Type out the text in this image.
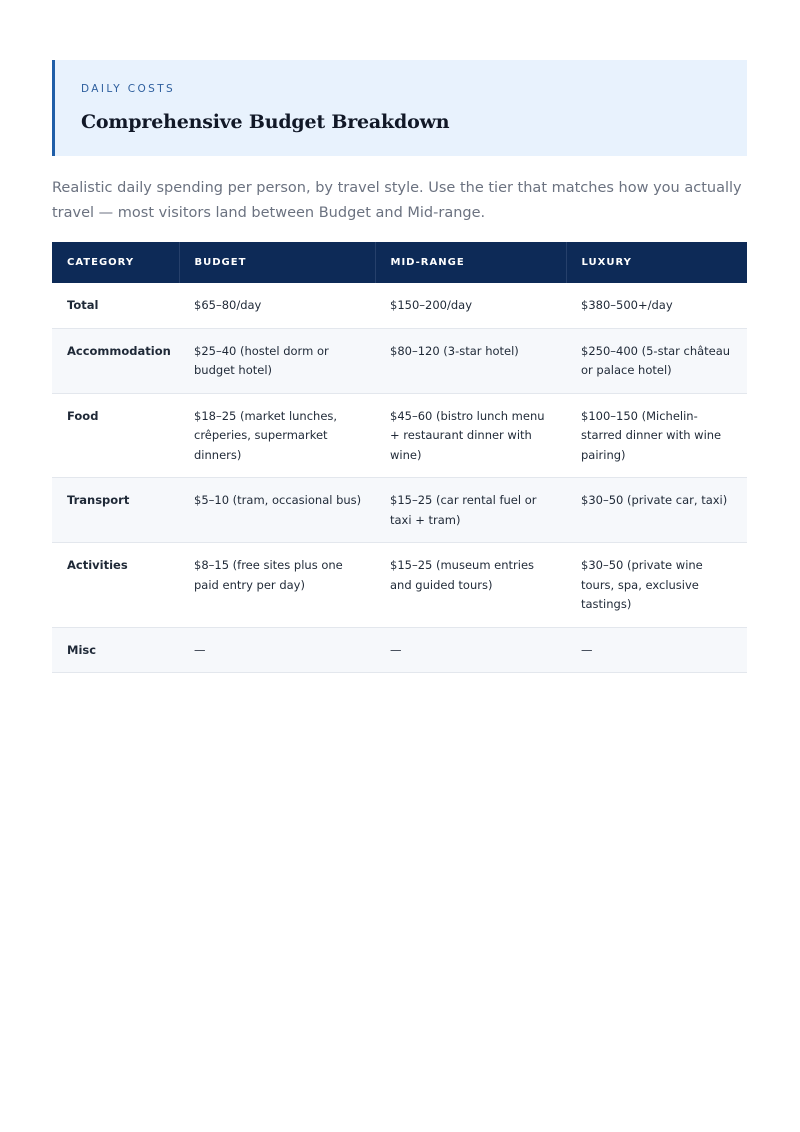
DAILY COSTS
Comprehensive Budget Breakdown

Realistic daily spending per person, by travel style. Use the tier that matches how you actually travel — most visitors land between Budget and Mid-range.

CATEGORY	BUDGET	MID-RANGE	LUXURY
Total	$65–80/day	$150–200/day	$380–500+/day
Accommodation	$25–40 (hostel dorm or budget hotel)	$80–120 (3-star hotel)	$250–400 (5-star château or palace hotel)
Food	$18–25 (market lunches, crêperies, supermarket dinners)	$45–60 (bistro lunch menu + restaurant dinner with wine)	$100–150 (Michelin-starred dinner with wine pairing)
Transport	$5–10 (tram, occasional bus)	$15–25 (car rental fuel or taxi + tram)	$30–50 (private car, taxi)
Activities	$8–15 (free sites plus one paid entry per day)	$15–25 (museum entries and guided tours)	$30–50 (private wine tours, spa, exclusive tastings)
Misc	—	—	—
